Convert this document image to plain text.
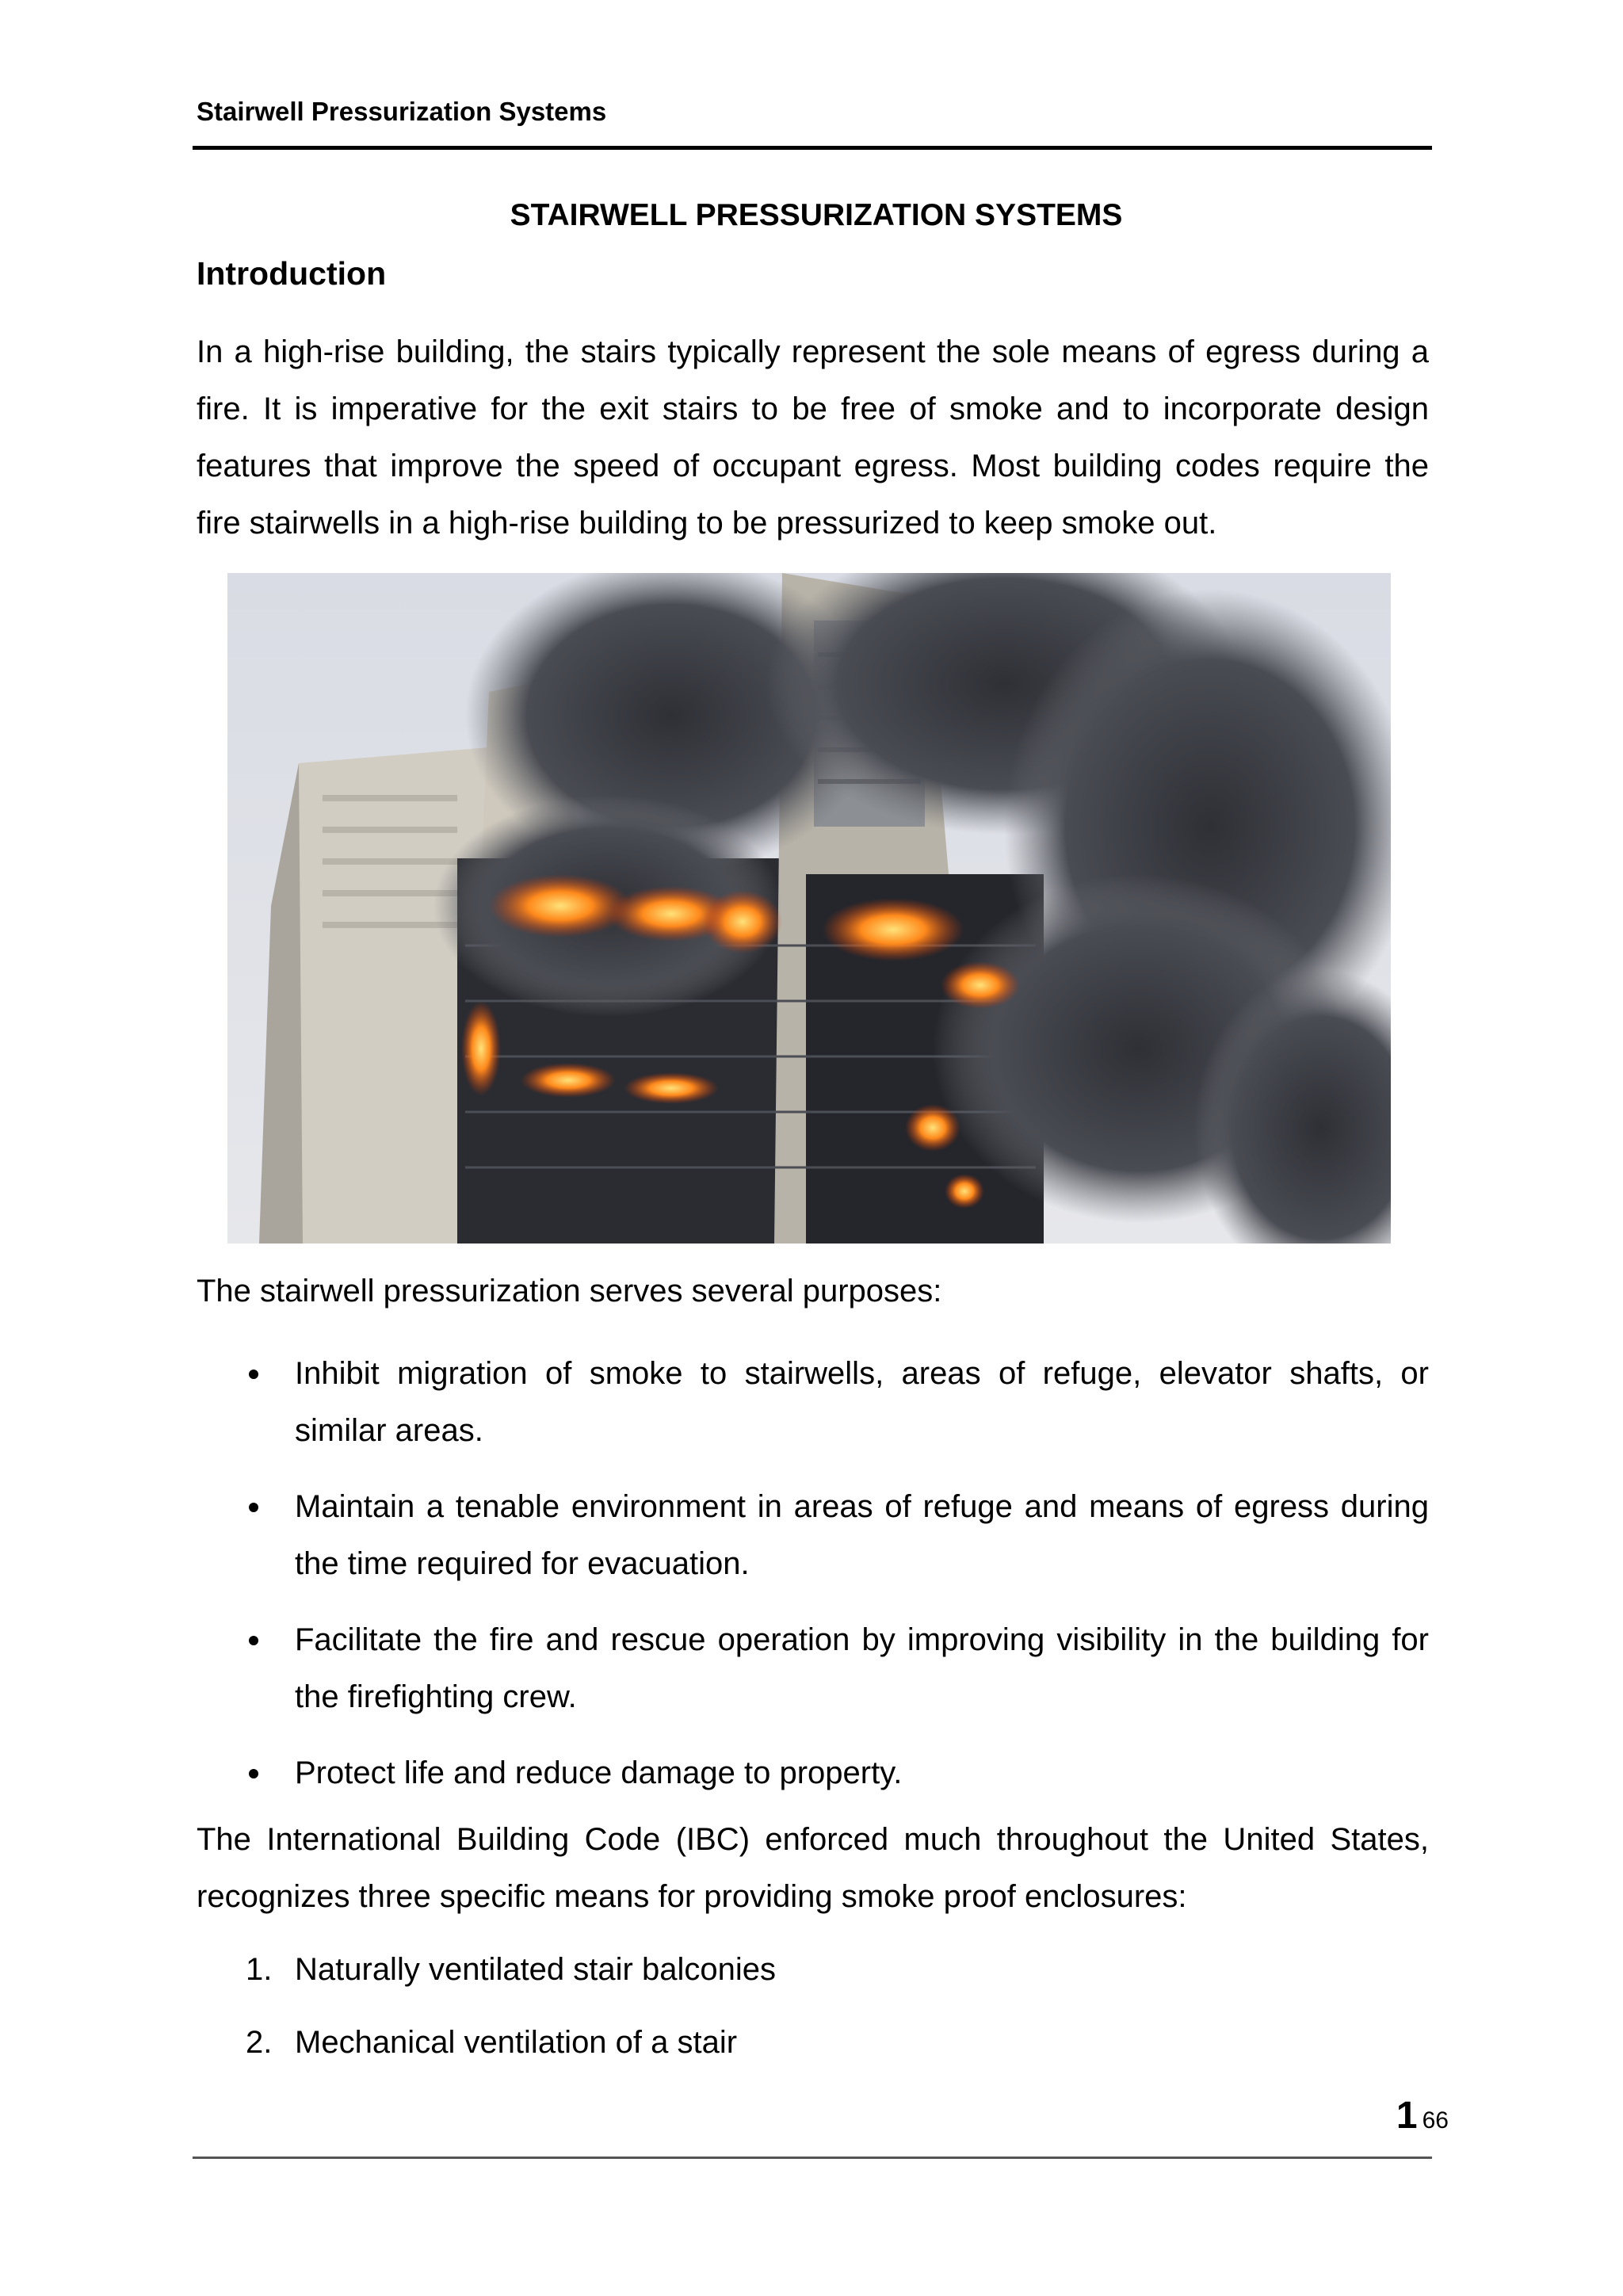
Stairwell Pressurization Systems
STAIRWELL PRESSURIZATION SYSTEMS
Introduction

In a high-rise building, the stairs typically represent the sole means of egress during a fire. It is imperative for the exit stairs to be free of smoke and to incorporate design features that improve the speed of occupant egress. Most building codes require the fire stairwells in a high-rise building to be pressurized to keep smoke out.

The stairwell pressurization serves several purposes:

Inhibit migration of smoke to stairwells, areas of refuge, elevator shafts, or similar areas.
Maintain a tenable environment in areas of refuge and means of egress during the time required for evacuation.
Facilitate the fire and rescue operation by improving visibility in the building for the firefighting crew.
Protect life and reduce damage to property.

The International Building Code (IBC) enforced much throughout the United States, recognizes three specific means for providing smoke proof enclosures:

1. Naturally ventilated stair balconies
2. Mechanical ventilation of a stair
1 66
